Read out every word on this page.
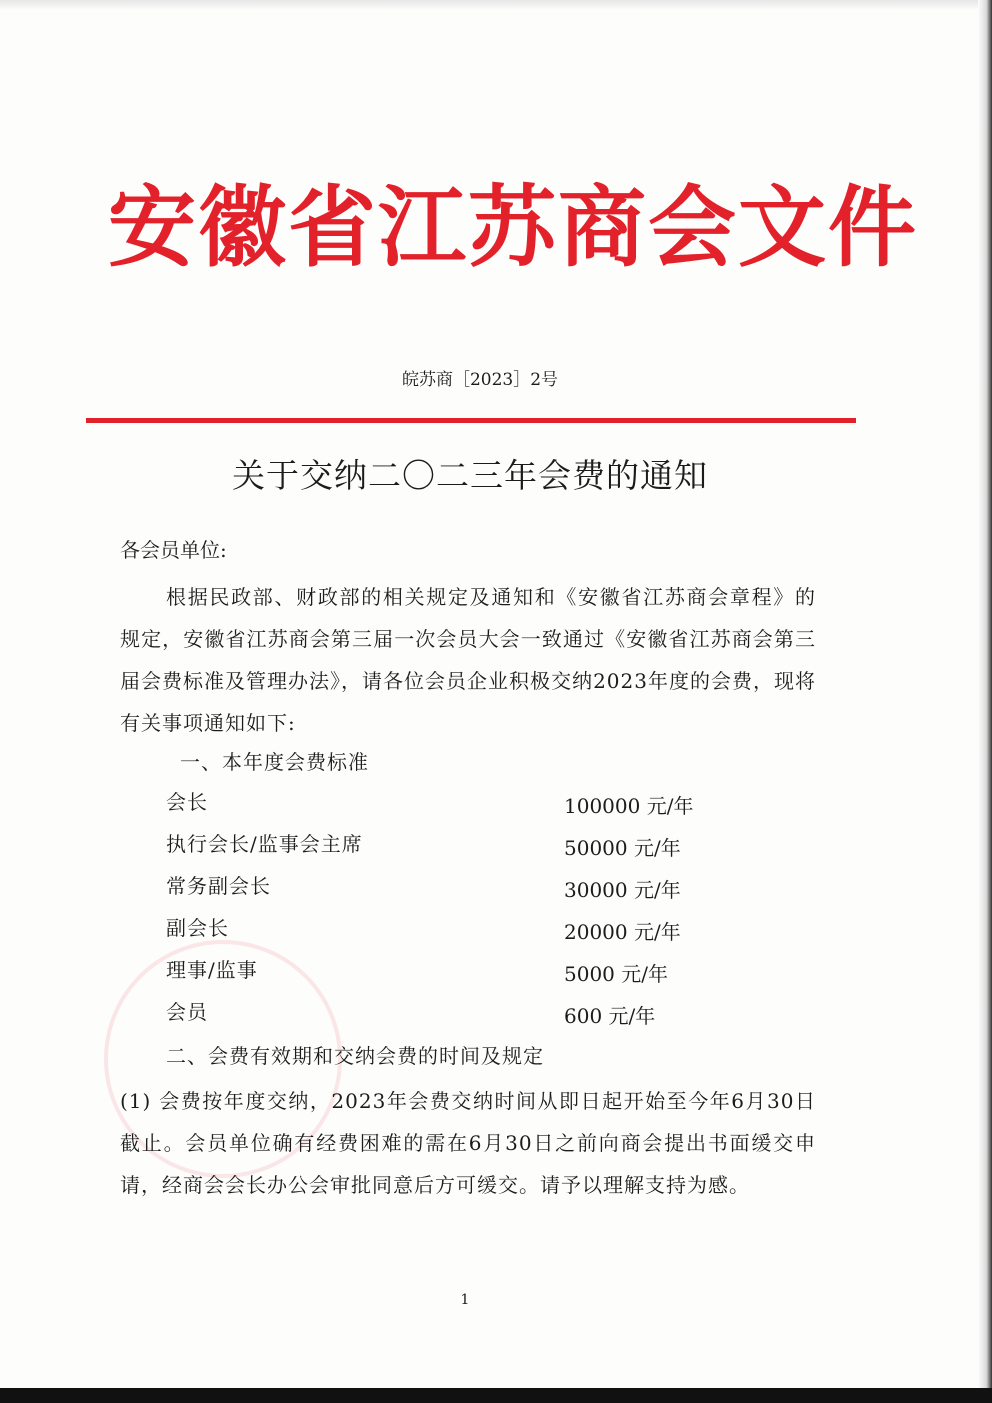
安徽省江苏商会文件
皖苏商［2023］2号
关于交纳二〇二三年会费的通知
各会员单位:
根据民政部、财政部的相关规定及通知和《安徽省江苏商会章程》的规定，安徽省江苏商会第三届一次会员大会一致通过《安徽省江苏商会第三届会费标准及管理办法》，请各位会员企业积极交纳2023年度的会费，现将有关事项通知如下:
一、本年度会费标准
会长	100000 元/年
执行会长/监事会主席	50000 元/年
常务副会长	30000 元/年
副会长	20000 元/年
理事/监事	5000 元/年
会员	600 元/年
二、会费有效期和交纳会费的时间及规定
(1) 会费按年度交纳，2023年会费交纳时间从即日起开始至今年6月30日截止。会员单位确有经费困难的需在6月30日之前向商会提出书面缓交申请，经商会会长办公会审批同意后方可缓交。请予以理解支持为感。
1
